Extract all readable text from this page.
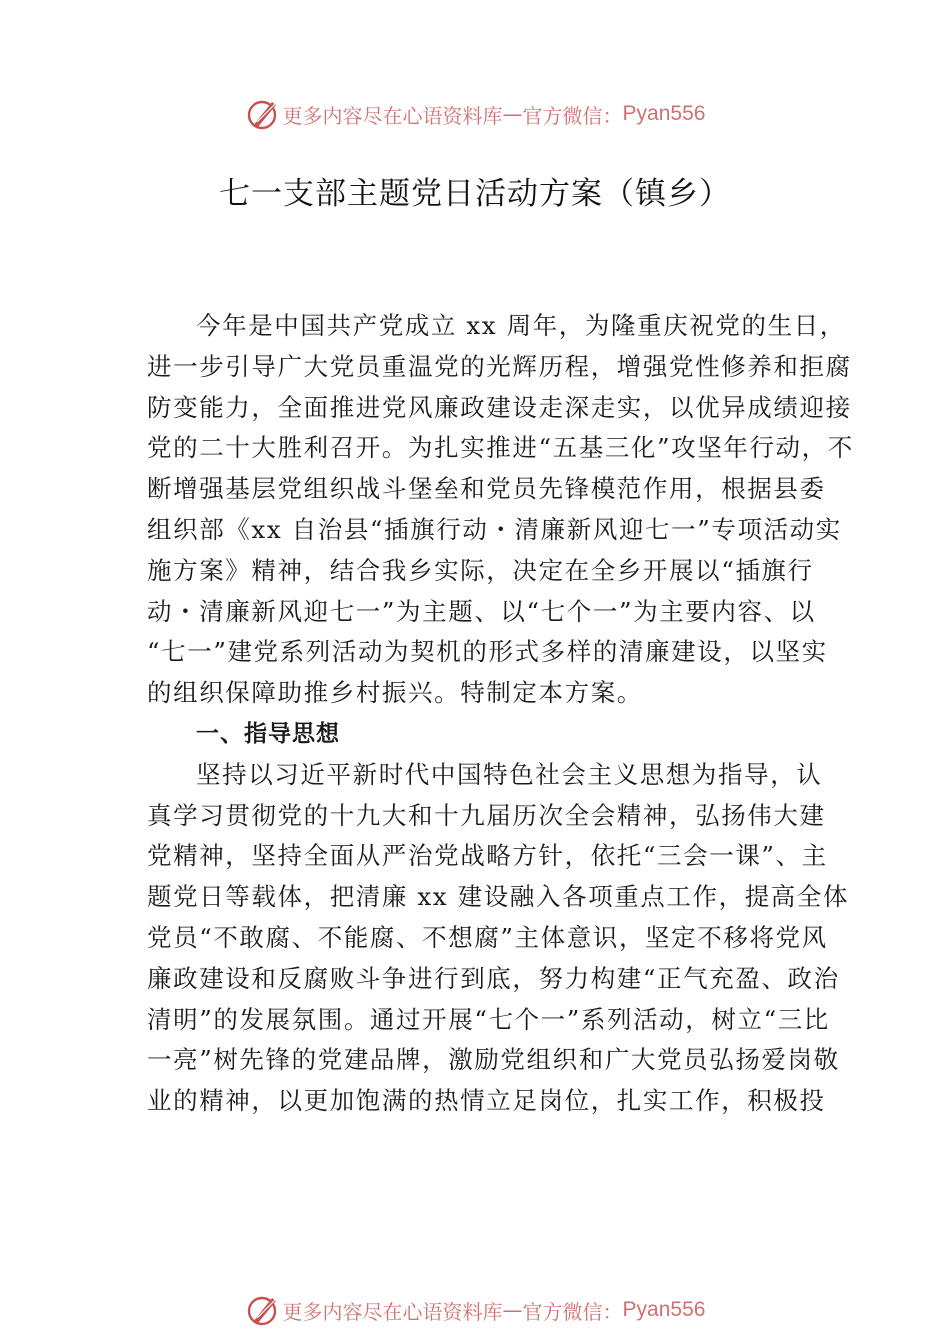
更多内容尽在心语资料库 — 官方微信： Pyan556
七一支部主题党日活动方案（镇乡）
今年是中国共产党成立 xx 周年，为隆重庆祝党的生日，
进一步引导广大党员重温党的光辉历程，增强党性修养和拒腐
防变能力，全面推进党风廉政建设走深走实，以优异成绩迎接
党的二十大胜利召开。为扎实推进“五基三化”攻坚年行动，不
断增强基层党组织战斗堡垒和党员先锋模范作用，根据县委
组织部《xx 自治县“插旗行动・清廉新风迎七一”专项活动实
施方案》精神，结合我乡实际，决定在全乡开展以“插旗行
动・清廉新风迎七一”为主题、以“七个一”为主要内容、以
“七一”建党系列活动为契机的形式多样的清廉建设，以坚实
的组织保障助推乡村振兴。特制定本方案。
一、指导思想
坚持以习近平新时代中国特色社会主义思想为指导，认
真学习贯彻党的十九大和十九届历次全会精神，弘扬伟大建
党精神，坚持全面从严治党战略方针，依托“三会一课”、主
题党日等载体，把清廉 xx 建设融入各项重点工作，提高全体
党员“不敢腐、不能腐、不想腐”主体意识，坚定不移将党风
廉政建设和反腐败斗争进行到底，努力构建“正气充盈、政治
清明”的发展氛围。通过开展“七个一”系列活动，树立“三比
一亮”树先锋的党建品牌，激励党组织和广大党员弘扬爱岗敬
业的精神，以更加饱满的热情立足岗位，扎实工作，积极投
更多内容尽在心语资料库 — 官方微信： Pyan556
